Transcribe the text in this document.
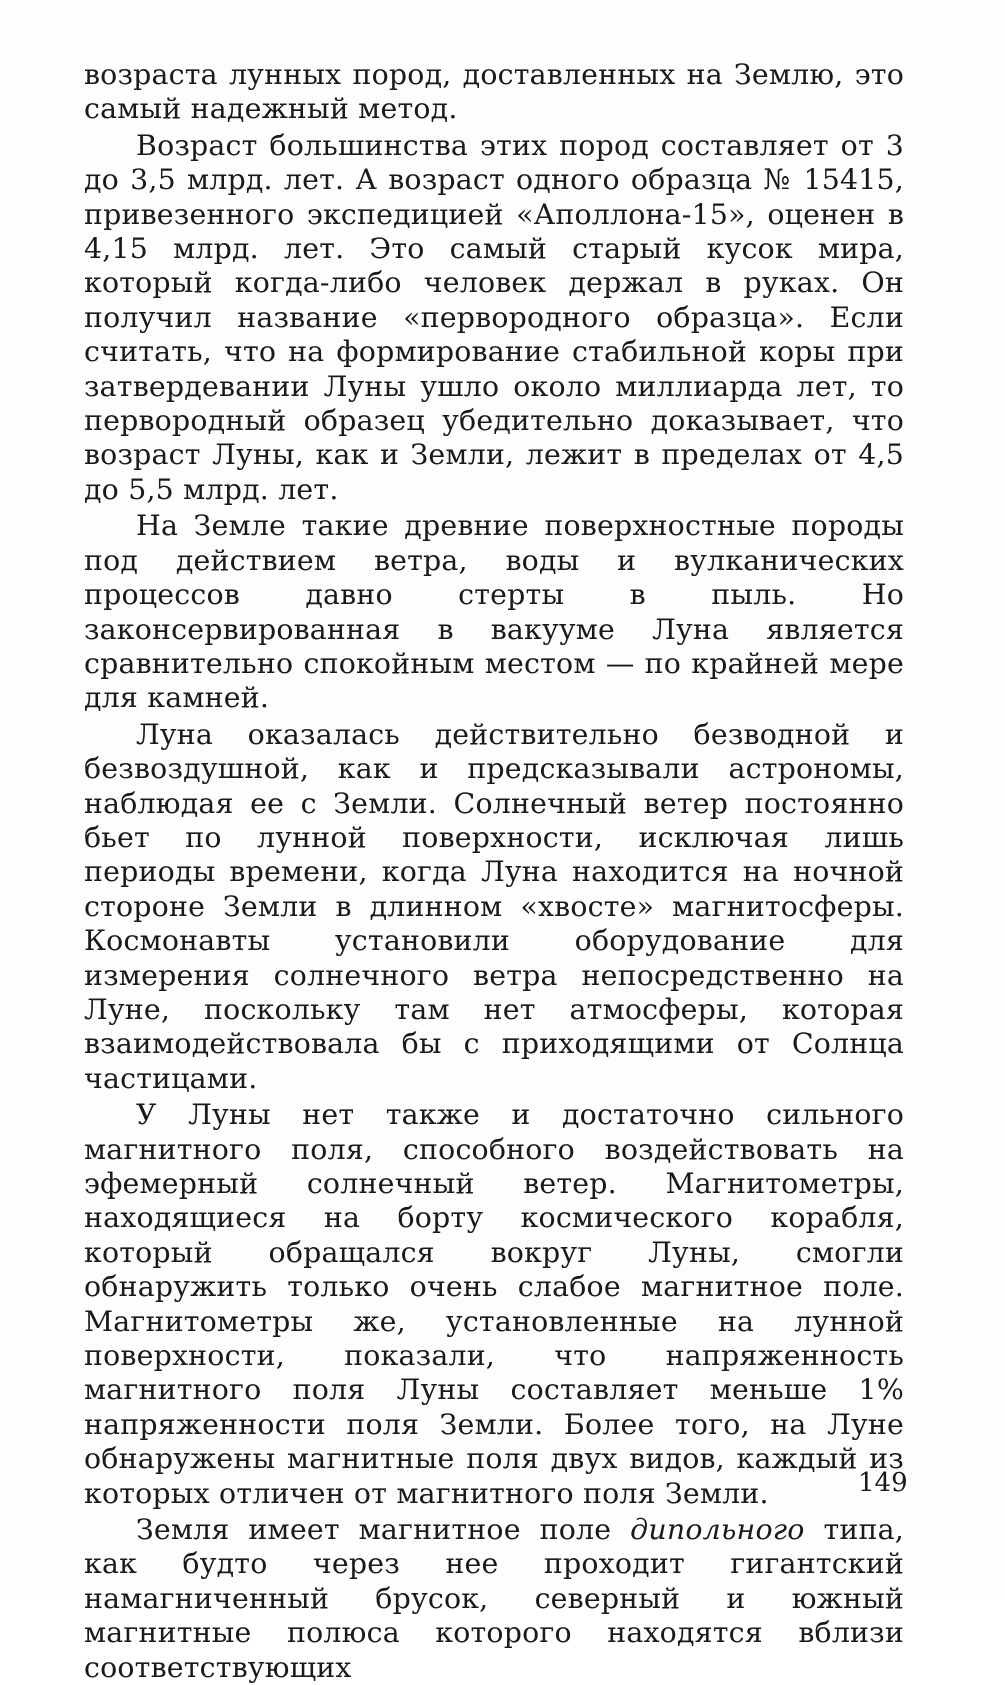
возраста лунных пород, доставленных на Землю, это самый надежный метод.

Возраст большинства этих пород составляет от 3 до 3,5 млрд. лет. А возраст одного образца № 15415, привезенного экспедицией «Аполлона-15», оценен в 4,15 млрд. лет. Это самый старый кусок мира, который когда-либо человек держал в руках. Он получил название «первородного образца». Если считать, что на формирование стабильной коры при затвердевании Луны ушло около миллиарда лет, то первородный образец убедительно доказывает, что возраст Луны, как и Земли, лежит в пределах от 4,5 до 5,5 млрд. лет.

На Земле такие древние поверхностные породы под действием ветра, воды и вулканических процессов давно стерты в пыль. Но законсервированная в вакууме Луна является сравнительно спокойным местом — по крайней мере для камней.

Луна оказалась действительно безводной и безвоздушной, как и предсказывали астрономы, наблюдая ее с Земли. Солнечный ветер постоянно бьет по лунной поверхности, исключая лишь периоды времени, когда Луна находится на ночной стороне Земли в длинном «хвосте» магнитосферы. Космонавты установили оборудование для измерения солнечного ветра непосредственно на Луне, поскольку там нет атмосферы, которая взаимодействовала бы с приходящими от Солнца частицами.

У Луны нет также и достаточно сильного магнитного поля, способного воздействовать на эфемерный солнечный ветер. Магнитометры, находящиеся на борту космического корабля, который обращался вокруг Луны, смогли обнаружить только очень слабое магнитное поле. Магнитометры же, установленные на лунной поверхности, показали, что напряженность магнитного поля Луны составляет меньше 1% напряженности поля Земли. Более того, на Луне обнаружены магнитные поля двух видов, каждый из которых отличен от магнитного поля Земли.

Земля имеет магнитное поле дипольного типа, как будто через нее проходит гигантский намагниченный брусок, северный и южный магнитные полюса которого находятся вблизи соответствующих

149
